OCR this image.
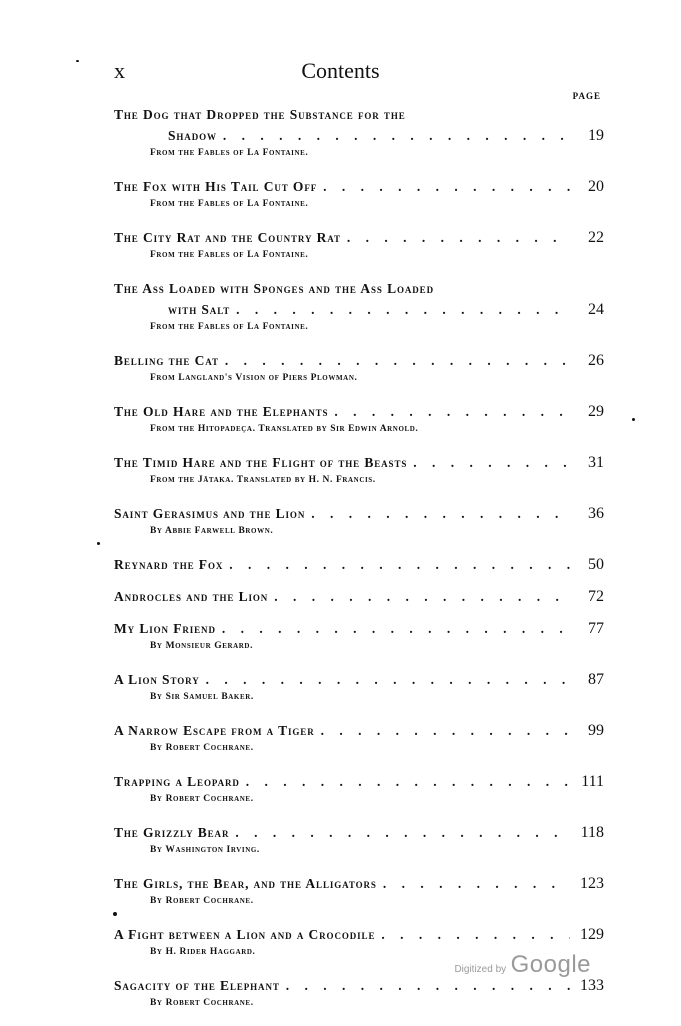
x	Contents
PAGE
The Dog that Dropped the Substance for the
Shadow . . .	19
From the Fables of La Fontaine.
The Fox with His Tail Cut Off . . .	20
From the Fables of La Fontaine.
The City Rat and the Country Rat . . .	22
From the Fables of La Fontaine.
The Ass Loaded with Sponges and the Ass Loaded
with Salt . . .	24
From the Fables of La Fontaine.
Belling the Cat . . .	26
From Langland's Vision of Piers Plowman.
The Old Hare and the Elephants . . .	29
From the Hitopadeça. Translated by Sir Edwin Arnold.
The Timid Hare and the Flight of the Beasts . . .	31
From the Jātaka. Translated by H. N. Francis.
Saint Gerasimus and the Lion . . .	36
By Abbie Farwell Brown.
Reynard the Fox . . .	50
Androcles and the Lion . . .	72
My Lion Friend . . .	77
By Monsieur Gerard.
A Lion Story . . .	87
By Sir Samuel Baker.
A Narrow Escape from a Tiger . . .	99
By Robert Cochrane.
Trapping a Leopard . . .	111
By Robert Cochrane.
The Grizzly Bear . . .	118
By Washington Irving.
The Girls, the Bear, and the Alligators . . .	123
By Robert Cochrane.
A Fight between a Lion and a Crocodile . . .	129
By H. Rider Haggard.
Sagacity of the Elephant . . .	133
By Robert Cochrane.
Digitized by Google
